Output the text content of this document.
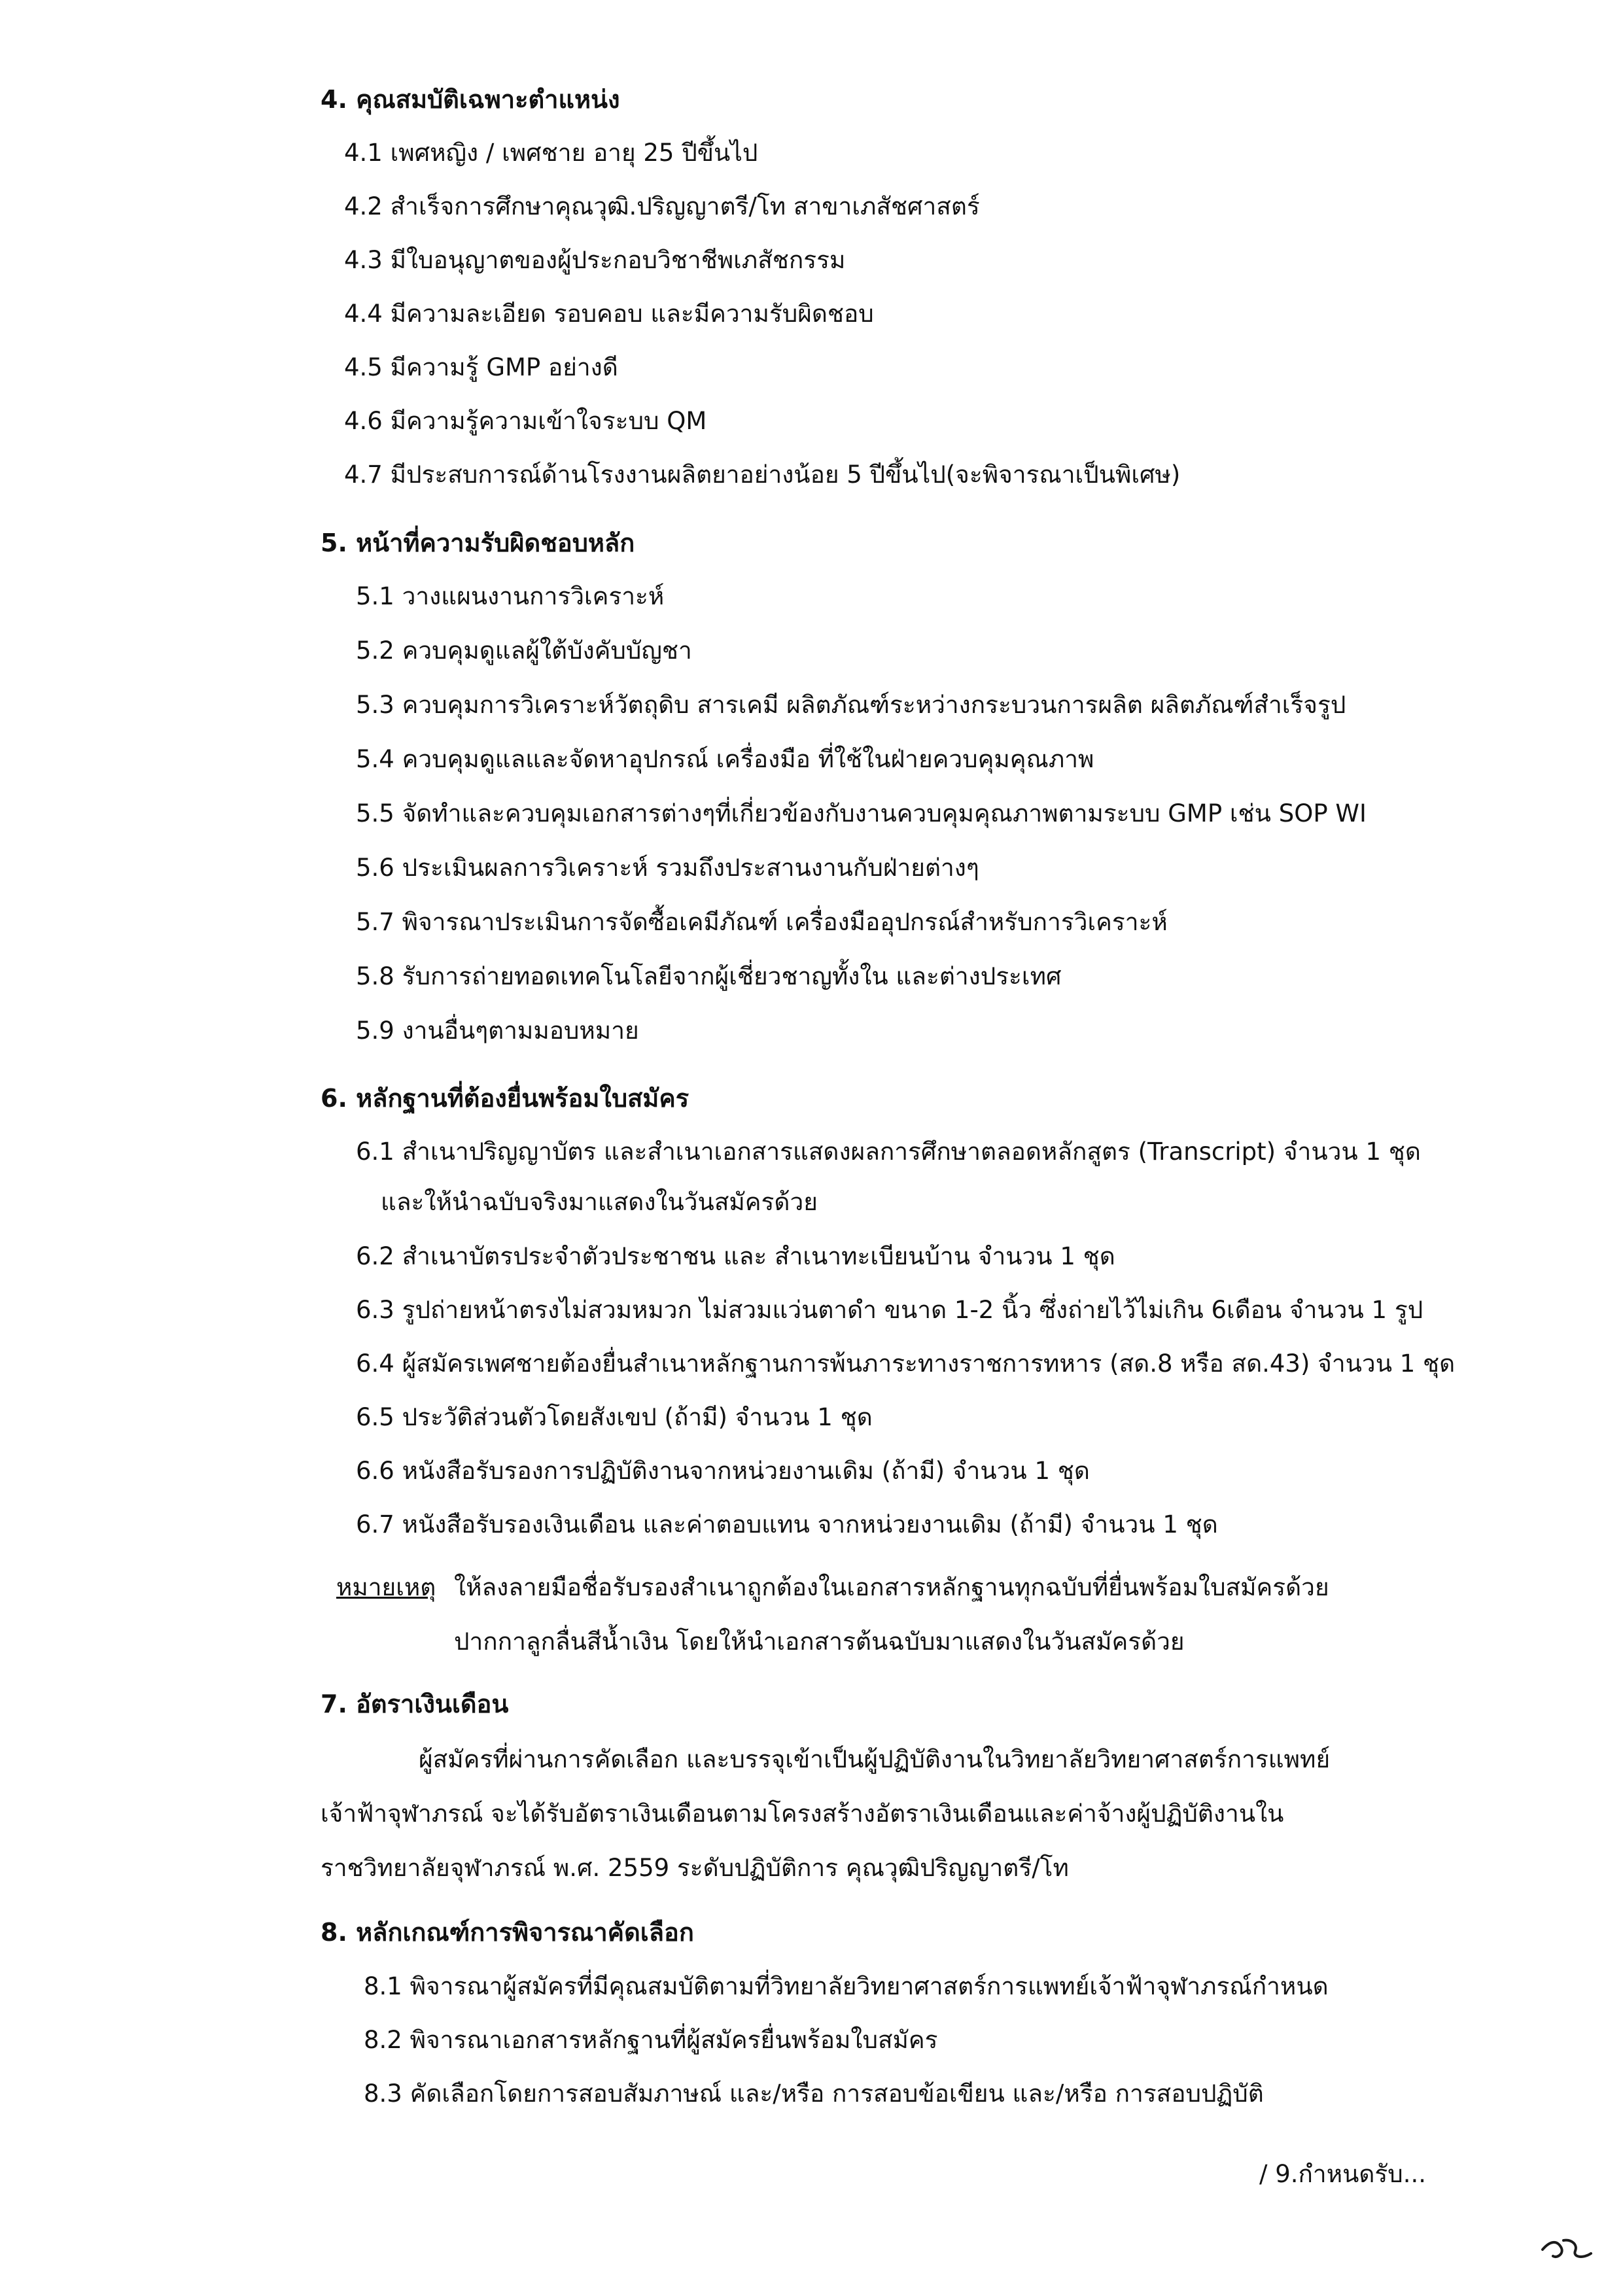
4. คุณสมบัติเฉพาะตำแหน่ง
4.1 เพศหญิง / เพศชาย อายุ 25 ปีขึ้นไป
4.2 สำเร็จการศึกษาคุณวุฒิ.ปริญญาตรี/โท สาขาเภสัชศาสตร์
4.3 มีใบอนุญาตของผู้ประกอบวิชาชีพเภสัชกรรม
4.4 มีความละเอียด รอบคอบ และมีความรับผิดชอบ
4.5 มีความรู้ GMP อย่างดี
4.6 มีความรู้ความเข้าใจระบบ QM
4.7 มีประสบการณ์ด้านโรงงานผลิตยาอย่างน้อย 5 ปีขึ้นไป(จะพิจารณาเป็นพิเศษ)
5. หน้าที่ความรับผิดชอบหลัก
5.1 วางแผนงานการวิเคราะห์
5.2 ควบคุมดูแลผู้ใต้บังคับบัญชา
5.3 ควบคุมการวิเคราะห์วัตถุดิบ สารเคมี ผลิตภัณฑ์ระหว่างกระบวนการผลิต ผลิตภัณฑ์สำเร็จรูป
5.4 ควบคุมดูแลและจัดหาอุปกรณ์ เครื่องมือ ที่ใช้ในฝ่ายควบคุมคุณภาพ
5.5 จัดทำและควบคุมเอกสารต่างๆที่เกี่ยวข้องกับงานควบคุมคุณภาพตามระบบ GMP เช่น SOP WI
5.6 ประเมินผลการวิเคราะห์ รวมถึงประสานงานกับฝ่ายต่างๆ
5.7 พิจารณาประเมินการจัดซื้อเคมีภัณฑ์ เครื่องมืออุปกรณ์สำหรับการวิเคราะห์
5.8 รับการถ่ายทอดเทคโนโลยีจากผู้เชี่ยวชาญทั้งใน และต่างประเทศ
5.9 งานอื่นๆตามมอบหมาย
6. หลักฐานที่ต้องยื่นพร้อมใบสมัคร
6.1 สำเนาปริญญาบัตร และสำเนาเอกสารแสดงผลการศึกษาตลอดหลักสูตร (Transcript) จำนวน 1 ชุด
และให้นำฉบับจริงมาแสดงในวันสมัครด้วย
6.2 สำเนาบัตรประจำตัวประชาชน และ สำเนาทะเบียนบ้าน จำนวน 1 ชุด
6.3 รูปถ่ายหน้าตรงไม่สวมหมวก ไม่สวมแว่นตาดำ ขนาด 1-2 นิ้ว ซึ่งถ่ายไว้ไม่เกิน 6เดือน จำนวน 1 รูป
6.4 ผู้สมัครเพศชายต้องยื่นสำเนาหลักฐานการพ้นภาระทางราชการทหาร (สด.8 หรือ สด.43) จำนวน 1 ชุด
6.5 ประวัติส่วนตัวโดยสังเขป (ถ้ามี) จำนวน 1 ชุด
6.6 หนังสือรับรองการปฏิบัติงานจากหน่วยงานเดิม (ถ้ามี) จำนวน 1 ชุด
6.7 หนังสือรับรองเงินเดือน และค่าตอบแทน จากหน่วยงานเดิม (ถ้ามี) จำนวน 1 ชุด
หมายเหตุ ให้ลงลายมือชื่อรับรองสำเนาถูกต้องในเอกสารหลักฐานทุกฉบับที่ยื่นพร้อมใบสมัครด้วย
ปากกาลูกลื่นสีน้ำเงิน โดยให้นำเอกสารต้นฉบับมาแสดงในวันสมัครด้วย
7. อัตราเงินเดือน
ผู้สมัครที่ผ่านการคัดเลือก และบรรจุเข้าเป็นผู้ปฏิบัติงานในวิทยาลัยวิทยาศาสตร์การแพทย์
เจ้าฟ้าจุฬาภรณ์ จะได้รับอัตราเงินเดือนตามโครงสร้างอัตราเงินเดือนและค่าจ้างผู้ปฏิบัติงานใน
ราชวิทยาลัยจุฬาภรณ์ พ.ศ. 2559 ระดับปฏิบัติการ คุณวุฒิปริญญาตรี/โท
8. หลักเกณฑ์การพิจารณาคัดเลือก
8.1 พิจารณาผู้สมัครที่มีคุณสมบัติตามที่วิทยาลัยวิทยาศาสตร์การแพทย์เจ้าฟ้าจุฬาภรณ์กำหนด
8.2 พิจารณาเอกสารหลักฐานที่ผู้สมัครยื่นพร้อมใบสมัคร
8.3 คัดเลือกโดยการสอบสัมภาษณ์ และ/หรือ การสอบข้อเขียน และ/หรือ การสอบปฏิบัติ
/ 9.กำหนดรับ...
